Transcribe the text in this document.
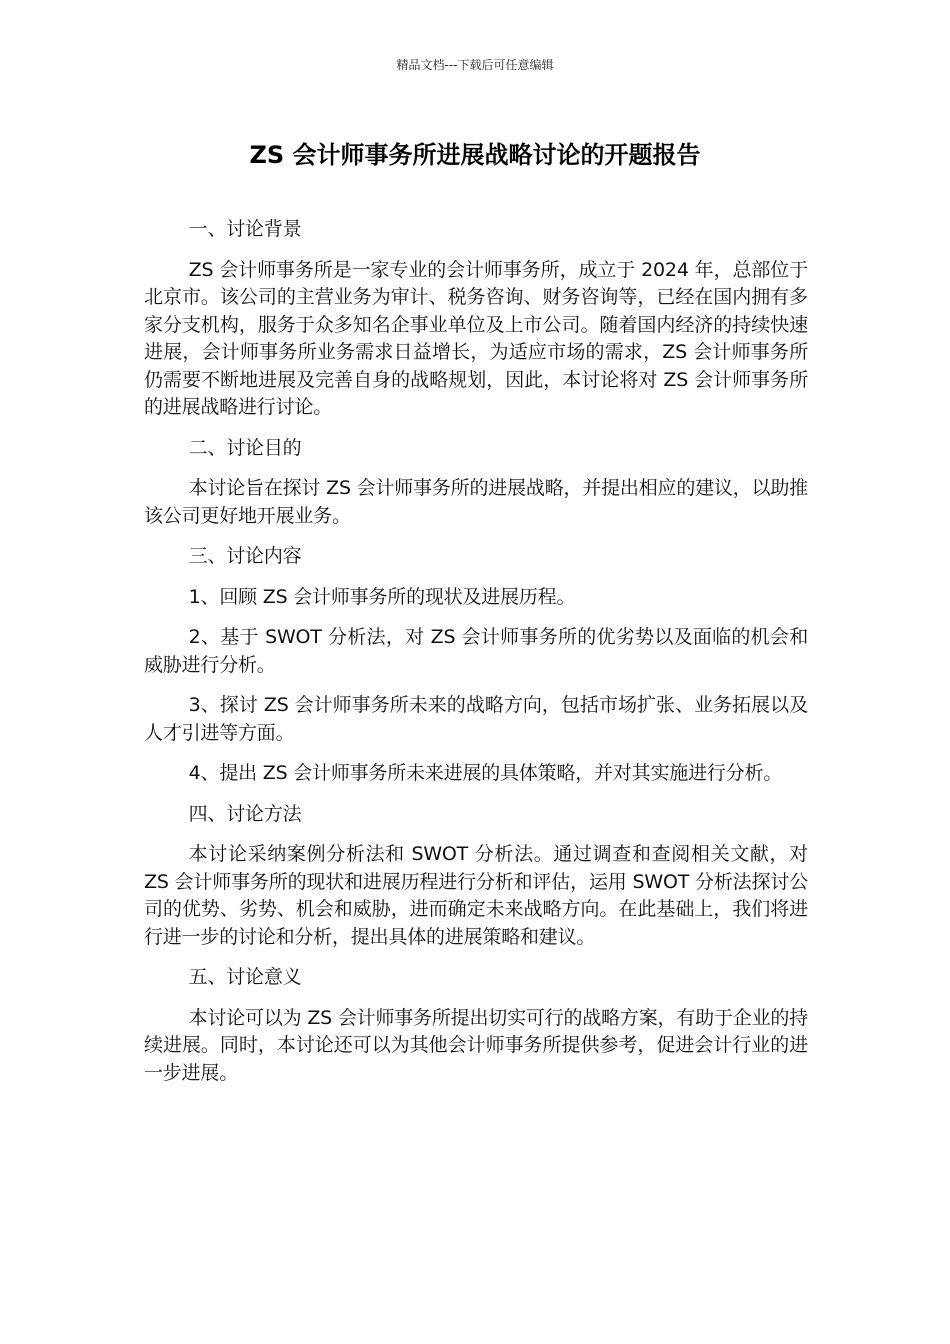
精品文档---下载后可任意编辑
ZS 会计师事务所进展战略讨论的开题报告

一、讨论背景

ZS 会计师事务所是一家专业的会计师事务所，成立于 2024 年，总部位于北京市。该公司的主营业务为审计、税务咨询、财务咨询等，已经在国内拥有多家分支机构，服务于众多知名企事业单位及上市公司。随着国内经济的持续快速进展，会计师事务所业务需求日益增长，为适应市场的需求，ZS 会计师事务所仍需要不断地进展及完善自身的战略规划，因此，本讨论将对 ZS 会计师事务所的进展战略进行讨论。

二、讨论目的

本讨论旨在探讨 ZS 会计师事务所的进展战略，并提出相应的建议，以助推该公司更好地开展业务。

三、讨论内容

1、回顾 ZS 会计师事务所的现状及进展历程。

2、基于 SWOT 分析法，对 ZS 会计师事务所的优劣势以及面临的机会和威胁进行分析。

3、探讨 ZS 会计师事务所未来的战略方向，包括市场扩张、业务拓展以及人才引进等方面。

4、提出 ZS 会计师事务所未来进展的具体策略，并对其实施进行分析。

四、讨论方法

本讨论采纳案例分析法和 SWOT 分析法。通过调查和查阅相关文献，对 ZS 会计师事务所的现状和进展历程进行分析和评估，运用 SWOT 分析法探讨公司的优势、劣势、机会和威胁，进而确定未来战略方向。在此基础上，我们将进行进一步的讨论和分析，提出具体的进展策略和建议。

五、讨论意义

本讨论可以为 ZS 会计师事务所提出切实可行的战略方案，有助于企业的持续进展。同时，本讨论还可以为其他会计师事务所提供参考，促进会计行业的进一步进展。
